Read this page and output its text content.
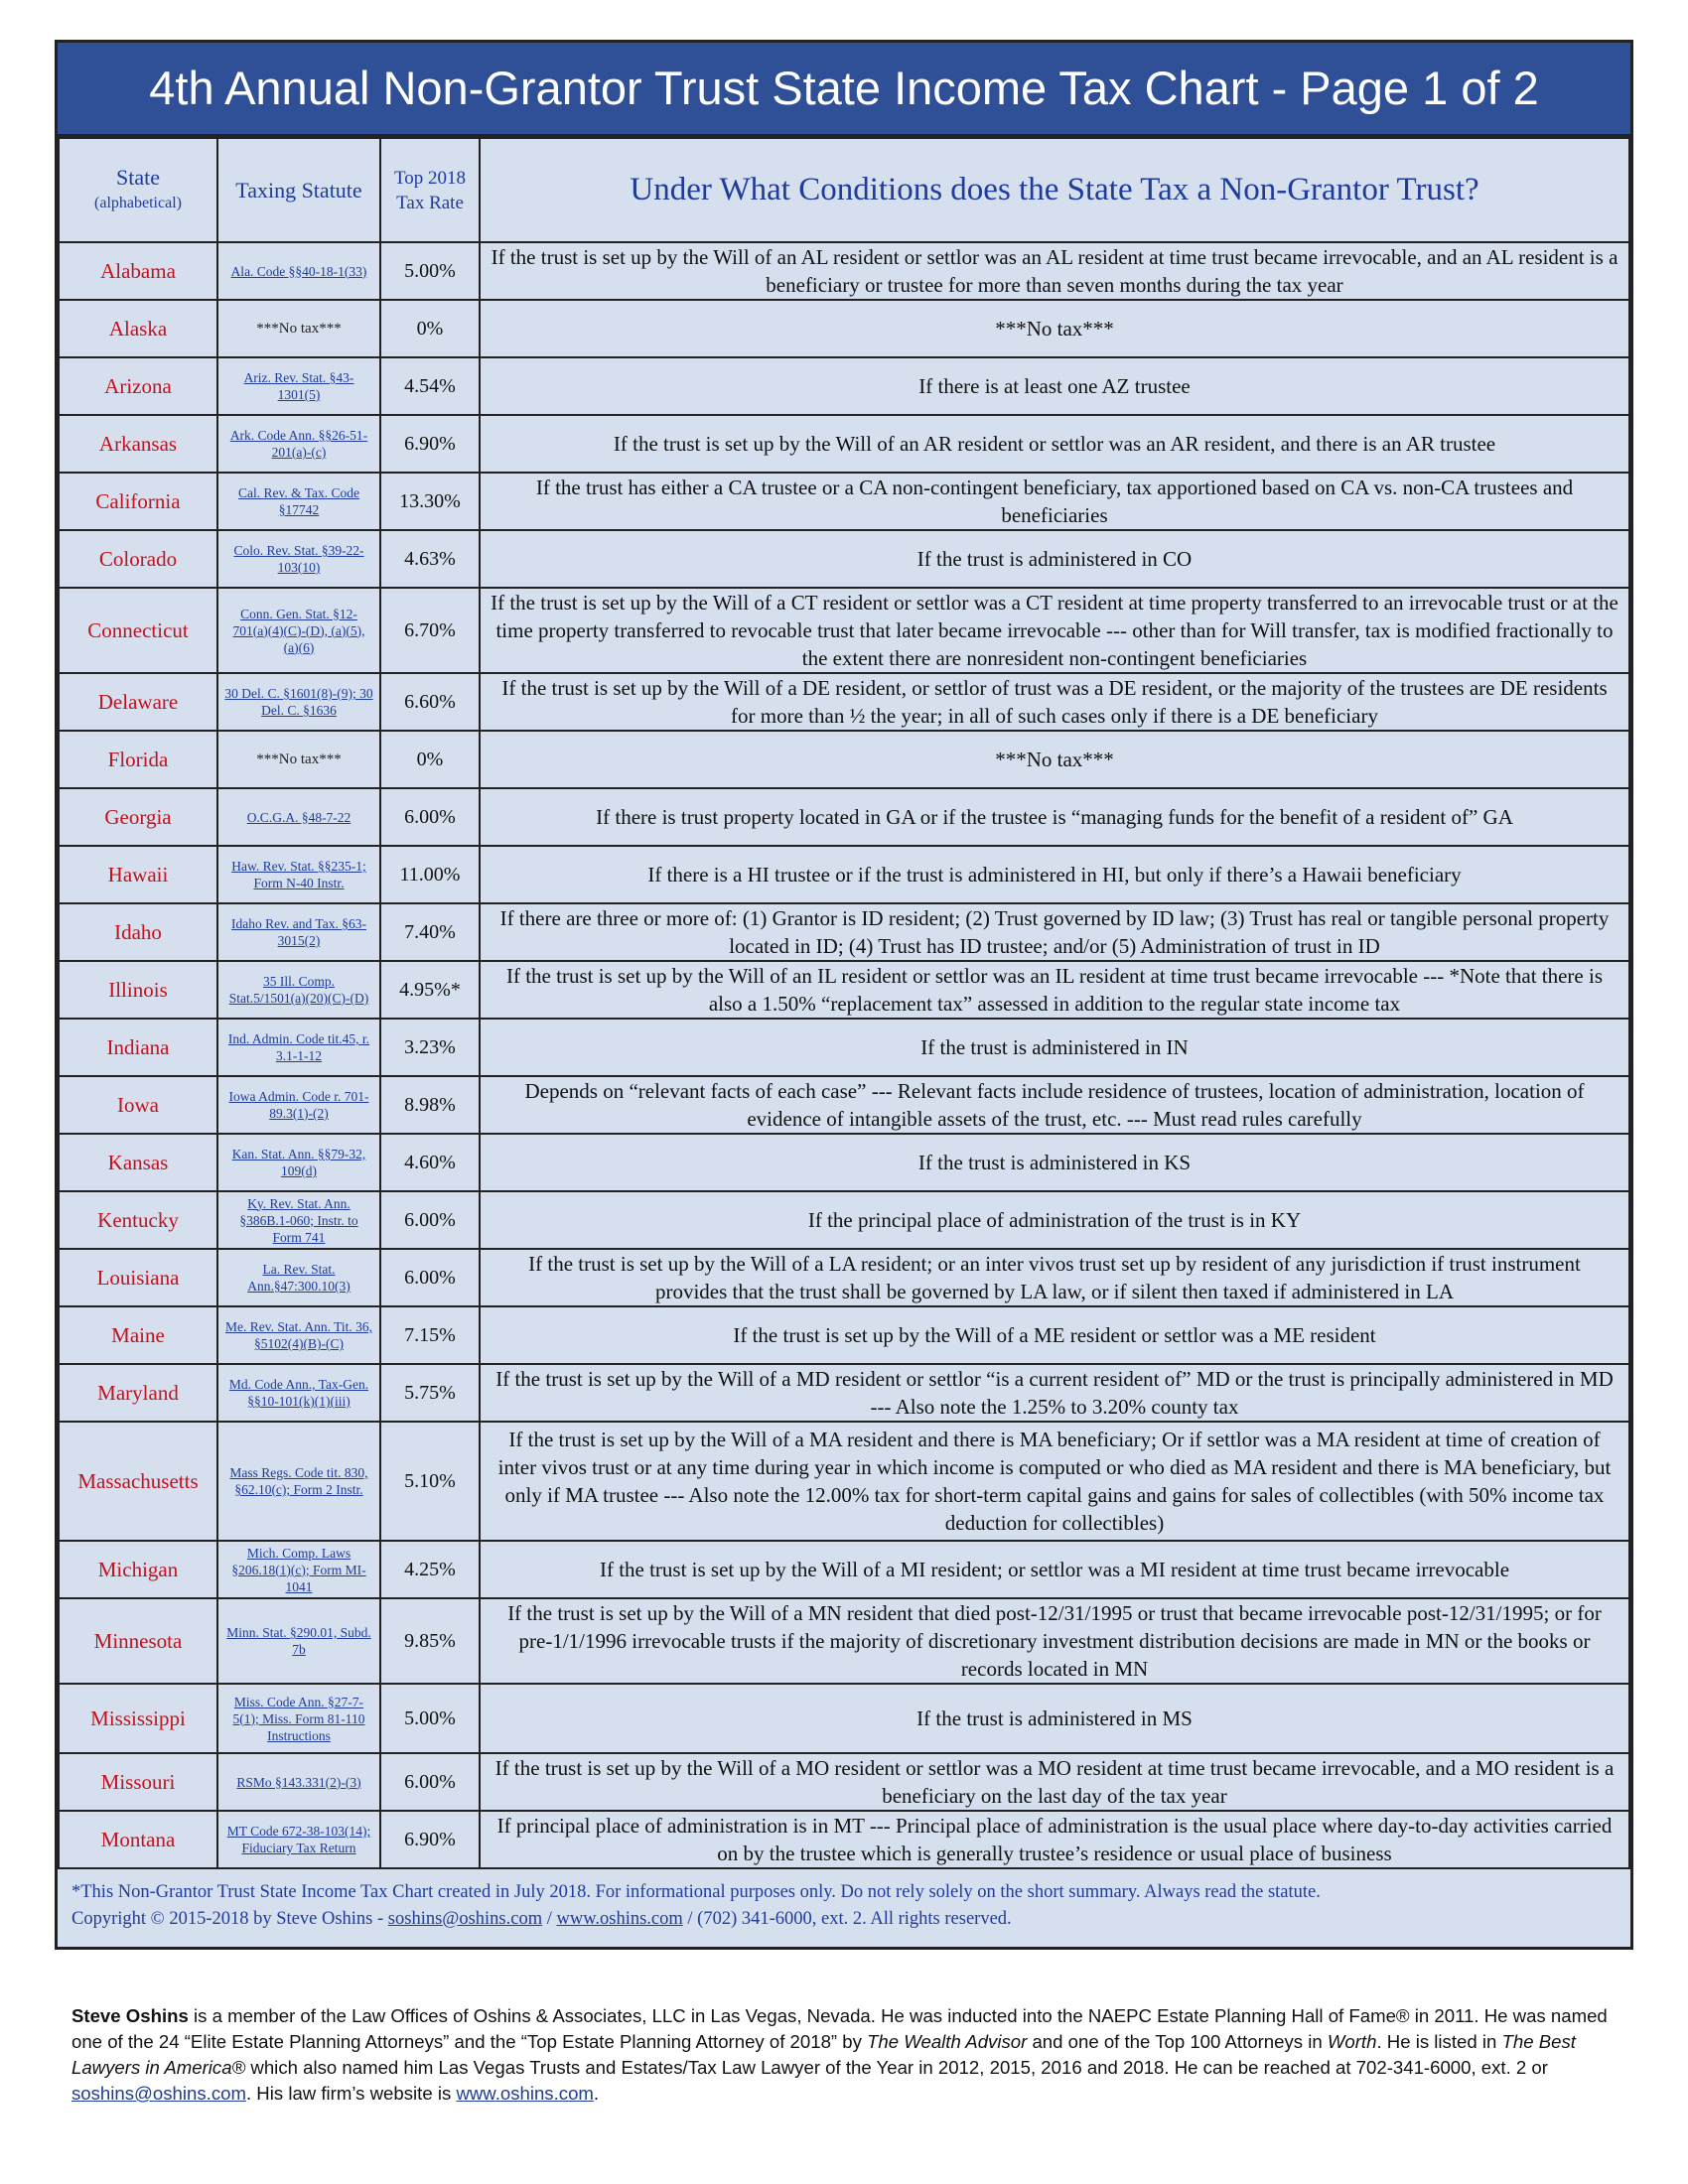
4th Annual Non-Grantor Trust State Income Tax Chart - Page 1 of 2
State
(alphabetical)	Taxing Statute	Top 2018 Tax Rate	Under What Conditions does the State Tax a Non-Grantor Trust?
Alabama	Ala. Code §§40-18-1(33)	5.00%	If the trust is set up by the Will of an AL resident or settlor was an AL resident at time trust became irrevocable, and an AL resident is a beneficiary or trustee for more than seven months during the tax year
Alaska	***No tax***	0%	***No tax***
Arizona	Ariz. Rev. Stat. §43-1301(5)	4.54%	If there is at least one AZ trustee
Arkansas	Ark. Code Ann. §§26-51-201(a)-(c)	6.90%	If the trust is set up by the Will of an AR resident or settlor was an AR resident, and there is an AR trustee
California	Cal. Rev. & Tax. Code §17742	13.30%	If the trust has either a CA trustee or a CA non-contingent beneficiary, tax apportioned based on CA vs. non-CA trustees and beneficiaries
Colorado	Colo. Rev. Stat. §39-22-103(10)	4.63%	If the trust is administered in CO
Connecticut	Conn. Gen. Stat. §12-701(a)(4)(C)-(D), (a)(5), (a)(6)	6.70%	If the trust is set up by the Will of a CT resident or settlor was a CT resident at time property transferred to an irrevocable trust or at the time property transferred to revocable trust that later became irrevocable --- other than for Will transfer, tax is modified fractionally to the extent there are nonresident non-contingent beneficiaries
Delaware	30 Del. C. §1601(8)-(9); 30 Del. C. §1636	6.60%	If the trust is set up by the Will of a DE resident, or settlor of trust was a DE resident, or the majority of the trustees are DE residents for more than ½ the year; in all of such cases only if there is a DE beneficiary
Florida	***No tax***	0%	***No tax***
Georgia	O.C.G.A. §48-7-22	6.00%	If there is trust property located in GA or if the trustee is “managing funds for the benefit of a resident of” GA
Hawaii	Haw. Rev. Stat. §§235-1; Form N-40 Instr.	11.00%	If there is a HI trustee or if the trust is administered in HI, but only if there’s a Hawaii beneficiary
Idaho	Idaho Rev. and Tax. §63-3015(2)	7.40%	If there are three or more of: (1) Grantor is ID resident; (2) Trust governed by ID law; (3) Trust has real or tangible personal property located in ID; (4) Trust has ID trustee; and/or (5) Administration of trust in ID
Illinois	35 Ill. Comp. Stat.5/1501(a)(20)(C)-(D)	4.95%*	If the trust is set up by the Will of an IL resident or settlor was an IL resident at time trust became irrevocable --- *Note that there is also a 1.50% “replacement tax” assessed in addition to the regular state income tax
Indiana	Ind. Admin. Code tit.45, r. 3.1-1-12	3.23%	If the trust is administered in IN
Iowa	Iowa Admin. Code r. 701-89.3(1)-(2)	8.98%	Depends on “relevant facts of each case” --- Relevant facts include residence of trustees, location of administration, location of evidence of intangible assets of the trust, etc. --- Must read rules carefully
Kansas	Kan. Stat. Ann. §§79-32, 109(d)	4.60%	If the trust is administered in KS
Kentucky	Ky. Rev. Stat. Ann. §386B.1-060; Instr. to Form 741	6.00%	If the principal place of administration of the trust is in KY
Louisiana	La. Rev. Stat. Ann.§47:300.10(3)	6.00%	If the trust is set up by the Will of a LA resident; or an inter vivos trust set up by resident of any jurisdiction if trust instrument provides that the trust shall be governed by LA law, or if silent then taxed if administered in LA
Maine	Me. Rev. Stat. Ann. Tit. 36, §5102(4)(B)-(C)	7.15%	If the trust is set up by the Will of a ME resident or settlor was a ME resident
Maryland	Md. Code Ann., Tax-Gen. §§10-101(k)(1)(iii)	5.75%	If the trust is set up by the Will of a MD resident or settlor “is a current resident of” MD or the trust is principally administered in MD --- Also note the 1.25% to 3.20% county tax
Massachusetts	Mass Regs. Code tit. 830, §62.10(c); Form 2 Instr.	5.10%	If the trust is set up by the Will of a MA resident and there is MA beneficiary; Or if settlor was a MA resident at time of creation of inter vivos trust or at any time during year in which income is computed or who died as MA resident and there is MA beneficiary, but only if MA trustee --- Also note the 12.00% tax for short-term capital gains and gains for sales of collectibles (with 50% income tax deduction for collectibles)
Michigan	Mich. Comp. Laws §206.18(1)(c); Form MI-1041	4.25%	If the trust is set up by the Will of a MI resident; or settlor was a MI resident at time trust became irrevocable
Minnesota	Minn. Stat. §290.01, Subd. 7b	9.85%	If the trust is set up by the Will of a MN resident that died post-12/31/1995 or trust that became irrevocable post-12/31/1995; or for pre-1/1/1996 irrevocable trusts if the majority of discretionary investment distribution decisions are made in MN or the books or records located in MN
Mississippi	Miss. Code Ann. §27-7-5(1); Miss. Form 81-110 Instructions	5.00%	If the trust is administered in MS
Missouri	RSMo §143.331(2)-(3)	6.00%	If the trust is set up by the Will of a MO resident or settlor was a MO resident at time trust became irrevocable, and a MO resident is a beneficiary on the last day of the tax year
Montana	MT Code 672-38-103(14); Fiduciary Tax Return	6.90%	If principal place of administration is in MT --- Principal place of administration is the usual place where day-to-day activities carried on by the trustee which is generally trustee’s residence or usual place of business
*This Non-Grantor Trust State Income Tax Chart created in July 2018. For informational purposes only. Do not rely solely on the short summary. Always read the statute.
Copyright © 2015-2018 by Steve Oshins - soshins@oshins.com / www.oshins.com / (702) 341-6000, ext. 2. All rights reserved.
Steve Oshins is a member of the Law Offices of Oshins & Associates, LLC in Las Vegas, Nevada. He was inducted into the NAEPC Estate Planning Hall of Fame® in 2011. He was named one of the 24 “Elite Estate Planning Attorneys” and the “Top Estate Planning Attorney of 2018” by The Wealth Advisor and one of the Top 100 Attorneys in Worth. He is listed in The Best Lawyers in America® which also named him Las Vegas Trusts and Estates/Tax Law Lawyer of the Year in 2012, 2015, 2016 and 2018. He can be reached at 702-341-6000, ext. 2 or soshins@oshins.com. His law firm’s website is www.oshins.com.
